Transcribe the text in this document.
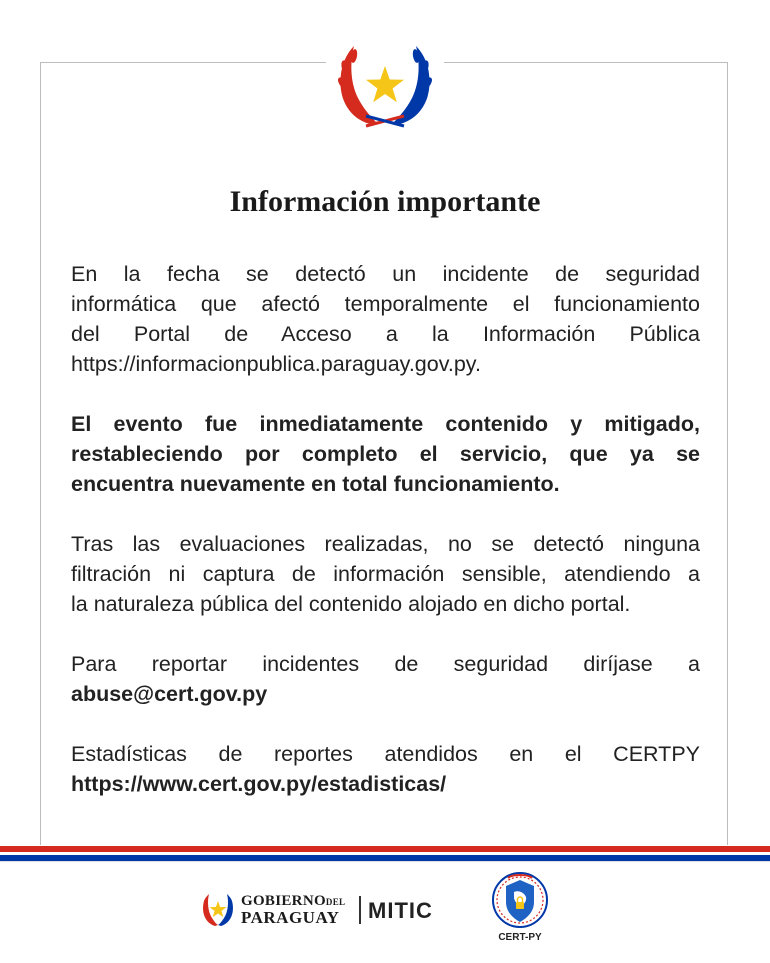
Información importante
En la fecha se detectó un incidente de seguridad
informática que afectó temporalmente el funcionamiento
del Portal de Acceso a la Información Pública
https://informacionpublica.paraguay.gov.py.
El evento fue inmediatamente contenido y mitigado,
restableciendo por completo el servicio, que ya se
encuentra nuevamente en total funcionamiento.
Tras las evaluaciones realizadas, no se detectó ninguna
filtración ni captura de información sensible, atendiendo a
la naturaleza pública del contenido alojado en dicho portal.
Para reportar incidentes de seguridad diríjase a
abuse@cert.gov.py
Estadísticas de reportes atendidos en el CERTPY
https://www.cert.gov.py/estadisticas/
GOBIERNODEL
PARAGUAY MITIC
CERT-PY
